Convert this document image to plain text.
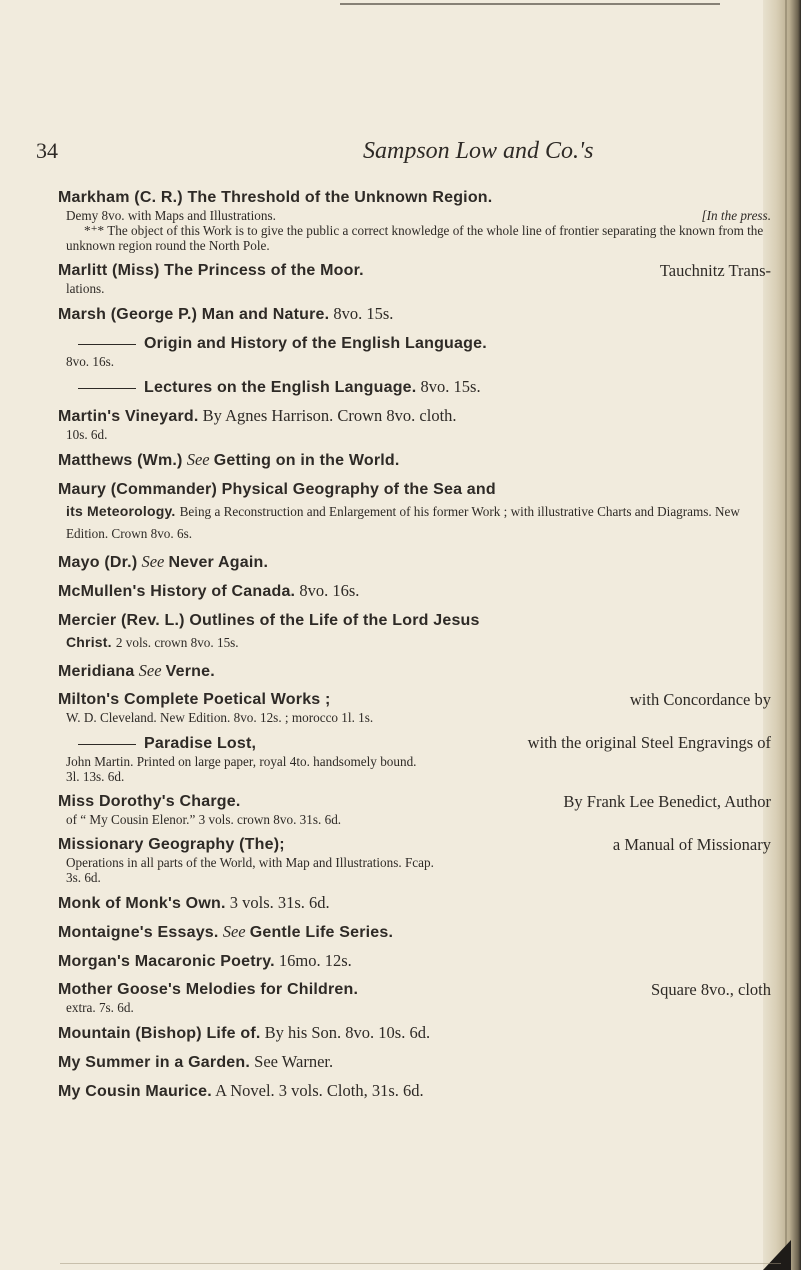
34	Sampson Low and Co.'s
Markham (C. R.) The Threshold of the Unknown Region.
Demy 8vo. with Maps and Illustrations.	[In the press.
*⁺* The object of this Work is to give the public a correct knowledge of the whole line of frontier separating the known from the unknown region round the North Pole.
Marlitt (Miss) The Princess of the Moor.	Tauchnitz Trans-
lations.
Marsh (George P.) Man and Nature. 8vo. 15s.
Origin and History of the English Language.
8vo. 16s.
Lectures on the English Language. 8vo. 15s.
Martin's Vineyard. By Agnes Harrison. Crown 8vo. cloth.
10s. 6d.
Matthews (Wm.) See Getting on in the World.
Maury (Commander) Physical Geography of the Sea and
its Meteorology. Being a Reconstruction and Enlargement of his former Work ; with illustrative Charts and Diagrams. New Edition. Crown 8vo. 6s.
Mayo (Dr.) See Never Again.
McMullen's History of Canada. 8vo. 16s.
Mercier (Rev. L.) Outlines of the Life of the Lord Jesus
Christ. 2 vols. crown 8vo. 15s.
Meridiana See Verne.
Milton's Complete Poetical Works ;	with Concordance by
W. D. Cleveland. New Edition. 8vo. 12s. ; morocco 1l. 1s.
Paradise Lost,	with the original Steel Engravings of
John Martin. Printed on large paper, royal 4to. handsomely bound.
3l. 13s. 6d.
Miss Dorothy's Charge.	By Frank Lee Benedict, Author
of “ My Cousin Elenor.” 3 vols. crown 8vo. 31s. 6d.
Missionary Geography (The);	a Manual of Missionary
Operations in all parts of the World, with Map and Illustrations. Fcap.
3s. 6d.
Monk of Monk's Own. 3 vols. 31s. 6d.
Montaigne's Essays. See Gentle Life Series.
Morgan's Macaronic Poetry. 16mo. 12s.
Mother Goose's Melodies for Children.	Square 8vo., cloth
extra. 7s. 6d.
Mountain (Bishop) Life of. By his Son. 8vo. 10s. 6d.
My Summer in a Garden. See Warner.
My Cousin Maurice. A Novel. 3 vols. Cloth, 31s. 6d.
